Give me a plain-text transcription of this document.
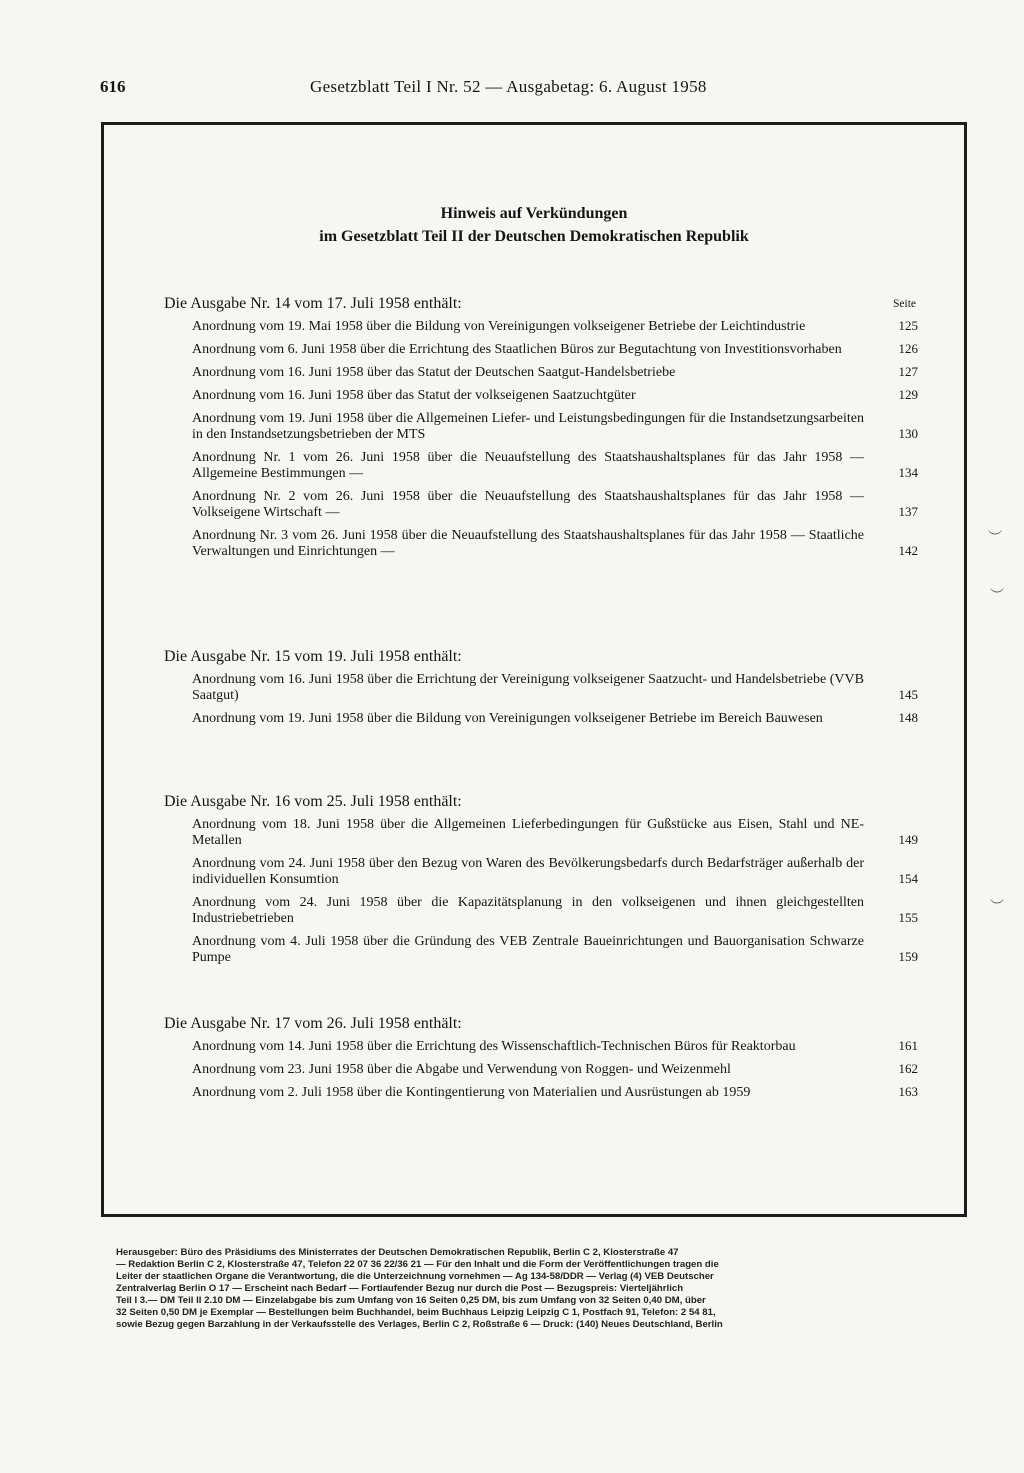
616	Gesetzblatt Teil I Nr. 52 — Ausgabetag: 6. August 1958
Hinweis auf Verkündungen
im Gesetzblatt Teil II der Deutschen Demokratischen Republik
Die Ausgabe Nr. 14 vom 17. Juli 1958 enthält:	Seite
Anordnung vom 19. Mai 1958 über die Bildung von Vereinigungen volkseigener Betriebe der Leichtindustrie	125
Anordnung vom 6. Juni 1958 über die Errichtung des Staatlichen Büros zur Begutachtung von Investitionsvorhaben	126
Anordnung vom 16. Juni 1958 über das Statut der Deutschen Saatgut-Handelsbetriebe	127
Anordnung vom 16. Juni 1958 über das Statut der volkseigenen Saatzuchtgüter	129
Anordnung vom 19. Juni 1958 über die Allgemeinen Liefer- und Leistungsbedingungen für die Instandsetzungsarbeiten in den Instandsetzungsbetrieben der MTS	130
Anordnung Nr. 1 vom 26. Juni 1958 über die Neuaufstellung des Staatshaushaltsplanes für das Jahr 1958 — Allgemeine Bestimmungen —	134
Anordnung Nr. 2 vom 26. Juni 1958 über die Neuaufstellung des Staatshaushaltsplanes für das Jahr 1958 — Volkseigene Wirtschaft —	137
Anordnung Nr. 3 vom 26. Juni 1958 über die Neuaufstellung des Staatshaushaltsplanes für das Jahr 1958 — Staatliche Verwaltungen und Einrichtungen —	142
Die Ausgabe Nr. 15 vom 19. Juli 1958 enthält:
Anordnung vom 16. Juni 1958 über die Errichtung der Vereinigung volkseigener Saatzucht- und Handelsbetriebe (VVB Saatgut)	145
Anordnung vom 19. Juni 1958 über die Bildung von Vereinigungen volkseigener Betriebe im Bereich Bauwesen	148
Die Ausgabe Nr. 16 vom 25. Juli 1958 enthält:
Anordnung vom 18. Juni 1958 über die Allgemeinen Lieferbedingungen für Gußstücke aus Eisen, Stahl und NE-Metallen	149
Anordnung vom 24. Juni 1958 über den Bezug von Waren des Bevölkerungsbedarfs durch Bedarfsträger außerhalb der individuellen Konsumtion	154
Anordnung vom 24. Juni 1958 über die Kapazitätsplanung in den volkseigenen und ihnen gleichgestellten Industriebetrieben	155
Anordnung vom 4. Juli 1958 über die Gründung des VEB Zentrale Baueinrichtungen und Bauorganisation Schwarze Pumpe	159
Die Ausgabe Nr. 17 vom 26. Juli 1958 enthält:
Anordnung vom 14. Juni 1958 über die Errichtung des Wissenschaftlich-Technischen Büros für Reaktorbau	161
Anordnung vom 23. Juni 1958 über die Abgabe und Verwendung von Roggen- und Weizenmehl	162
Anordnung vom 2. Juli 1958 über die Kontingentierung von Materialien und Ausrüstungen ab 1959	163
︶
︶
︶
Herausgeber: Büro des Präsidiums des Ministerrates der Deutschen Demokratischen Republik, Berlin C 2, Klosterstraße 47
— Redaktion Berlin C 2, Klosterstraße 47, Telefon 22 07 36 22/36 21 — Für den Inhalt und die Form der Veröffentlichungen tragen die
Leiter der staatlichen Organe die Verantwortung, die die Unterzeichnung vornehmen — Ag 134-58/DDR — Verlag (4) VEB Deutscher
Zentralverlag Berlin O 17 — Erscheint nach Bedarf — Fortlaufender Bezug nur durch die Post — Bezugspreis: Vierteljährlich
Teil I 3.— DM Teil II 2.10 DM — Einzelabgabe bis zum Umfang von 16 Seiten 0,25 DM, bis zum Umfang von 32 Seiten 0,40 DM, über
32 Seiten 0,50 DM je Exemplar — Bestellungen beim Buchhandel, beim Buchhaus Leipzig Leipzig C 1, Postfach 91, Telefon: 2 54 81,
sowie Bezug gegen Barzahlung in der Verkaufsstelle des Verlages, Berlin C 2, Roßstraße 6 — Druck: (140) Neues Deutschland, Berlin
